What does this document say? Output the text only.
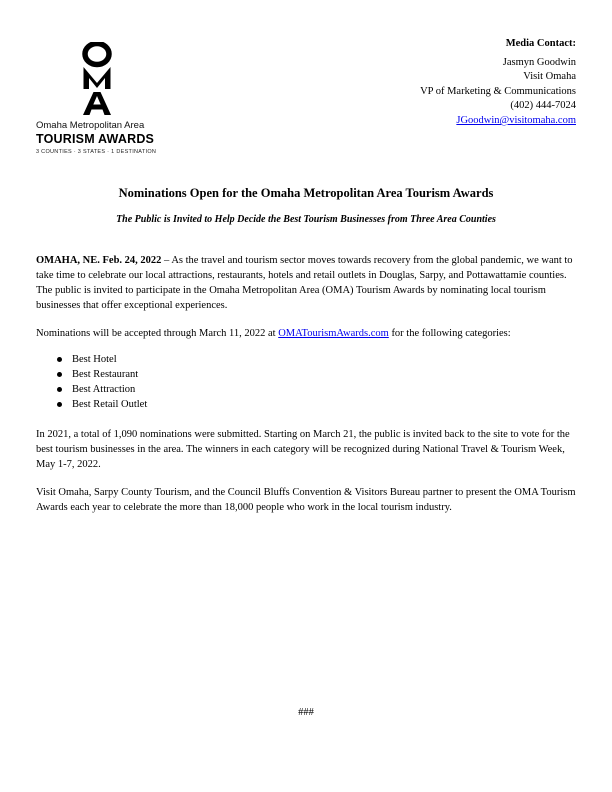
Omaha Metropolitan Area
TOURISM AWARDS
3 COUNTIES · 3 STATES · 1 DESTINATION
Media Contact:
Jasmyn Goodwin
Visit Omaha
VP of Marketing & Communications
(402) 444-7024
JGoodwin@visitomaha.com
Nominations Open for the Omaha Metropolitan Area Tourism Awards
The Public is Invited to Help Decide the Best Tourism Businesses from Three Area Counties

OMAHA, NE. Feb. 24, 2022 – As the travel and tourism sector moves towards recovery from the global pandemic, we want to take time to celebrate our local attractions, restaurants, hotels and retail outlets in Douglas, Sarpy, and Pottawattamie counties. The public is invited to participate in the Omaha Metropolitan Area (OMA) Tourism Awards by nominating local tourism businesses that offer exceptional experiences.

Nominations will be accepted through March 11, 2022 at OMATourismAwards.com for the following categories:

Best Hotel
Best Restaurant
Best Attraction
Best Retail Outlet

In 2021, a total of 1,090 nominations were submitted. Starting on March 21, the public is invited back to the site to vote for the best tourism businesses in the area. The winners in each category will be recognized during National Travel & Tourism Week, May 1-7, 2022.

Visit Omaha, Sarpy County Tourism, and the Council Bluffs Convention & Visitors Bureau partner to present the OMA Tourism Awards each year to celebrate the more than 18,000 people who work in the local tourism industry.

###
